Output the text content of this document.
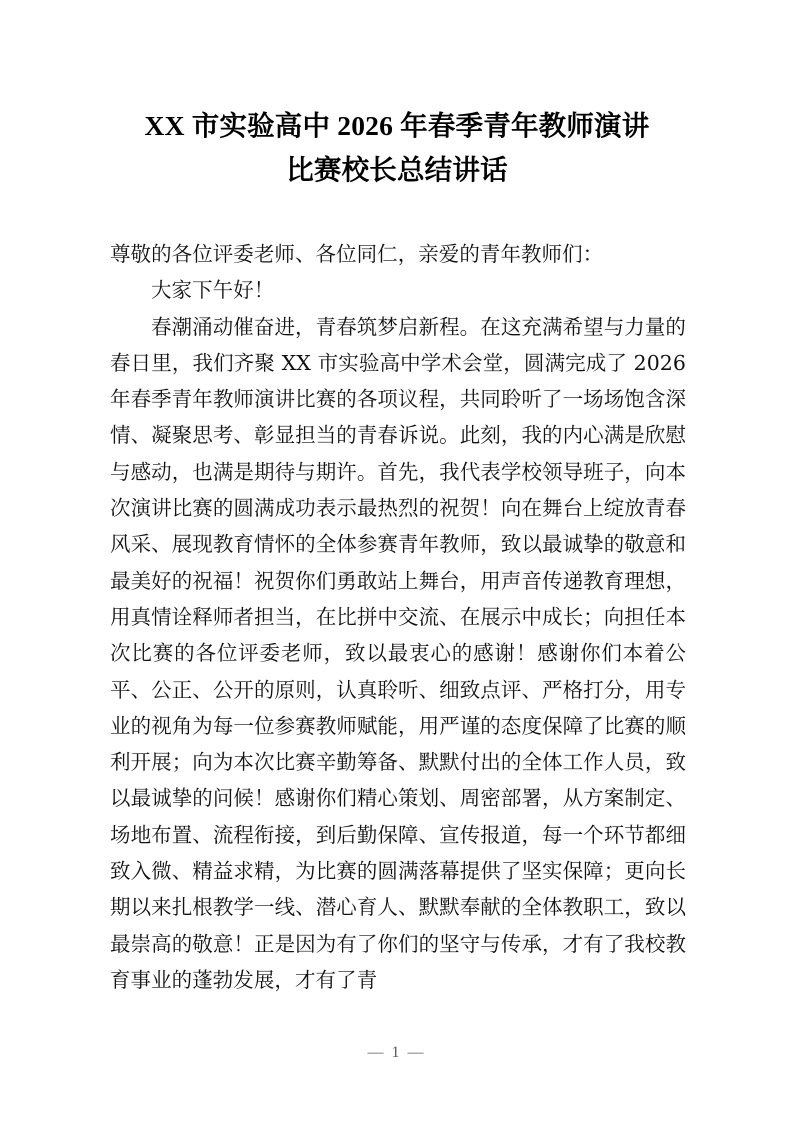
XX 市实验高中 2026 年春季青年教师演讲
比赛校长总结讲话

尊敬的各位评委老师、各位同仁，亲爱的青年教师们：

大家下午好！

春潮涌动催奋进，青春筑梦启新程。在这充满希望与力量的春日里，我们齐聚 XX 市实验高中学术会堂，圆满完成了 2026 年春季青年教师演讲比赛的各项议程，共同聆听了一场场饱含深情、凝聚思考、彰显担当的青春诉说。此刻，我的内心满是欣慰与感动，也满是期待与期许。首先，我代表学校领导班子，向本次演讲比赛的圆满成功表示最热烈的祝贺！向在舞台上绽放青春风采、展现教育情怀的全体参赛青年教师，致以最诚挚的敬意和最美好的祝福！祝贺你们勇敢站上舞台，用声音传递教育理想，用真情诠释师者担当，在比拼中交流、在展示中成长；向担任本次比赛的各位评委老师，致以最衷心的感谢！感谢你们本着公平、公正、公开的原则，认真聆听、细致点评、严格打分，用专业的视角为每一位参赛教师赋能，用严谨的态度保障了比赛的顺利开展；向为本次比赛辛勤筹备、默默付出的全体工作人员，致以最诚挚的问候！感谢你们精心策划、周密部署，从方案制定、场地布置、流程衔接，到后勤保障、宣传报道，每一个环节都细致入微、精益求精，为比赛的圆满落幕提供了坚实保障；更向长期以来扎根教学一线、潜心育人、默默奉献的全体教职工，致以最崇高的敬意！正是因为有了你们的坚守与传承，才有了我校教育事业的蓬勃发展，才有了青

— 1 —
